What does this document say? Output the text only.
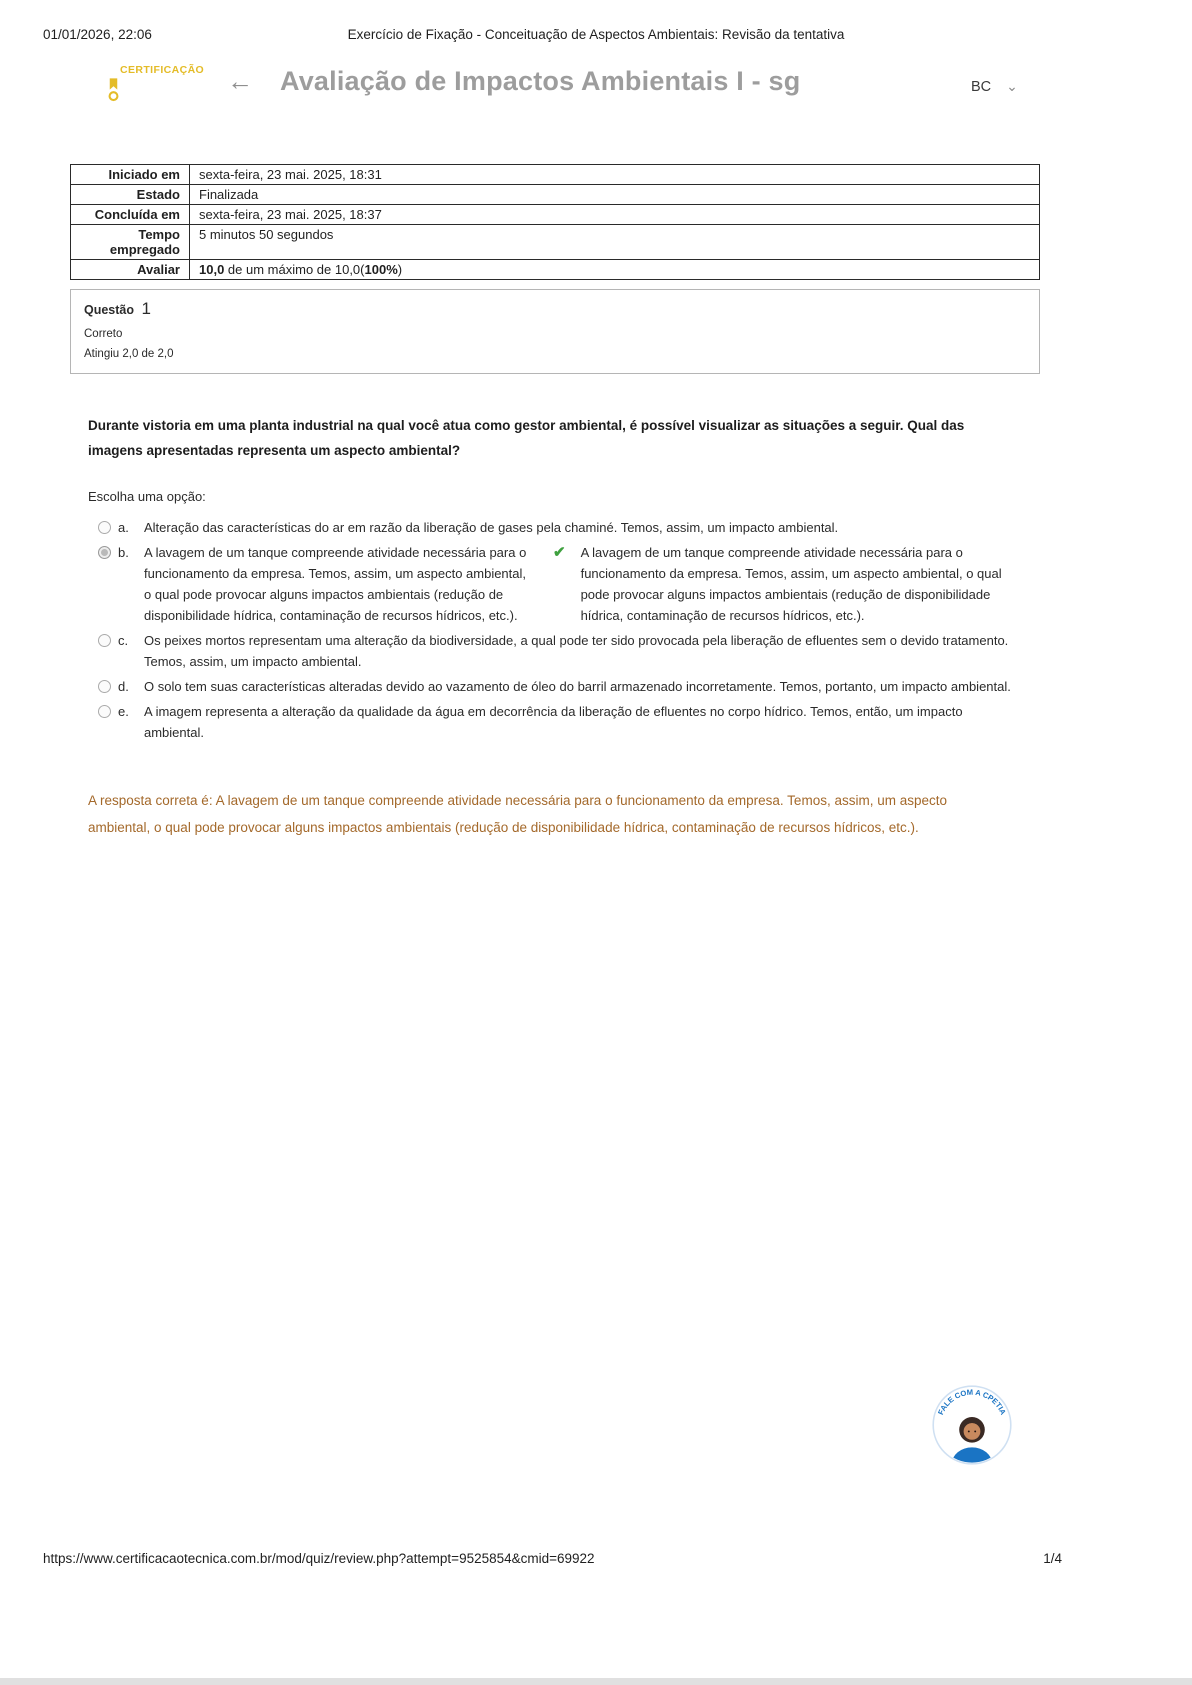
01/01/2026, 22:06	Exercício de Fixação - Conceituação de Aspectos Ambientais: Revisão da tentativa
CERTIFICAÇÃO ← Avaliação de Impactos Ambientais I - sg	BC ⌄
Iniciado em	sexta-feira, 23 mai. 2025, 18:31
Estado	Finalizada
Concluída em	sexta-feira, 23 mai. 2025, 18:37
Tempo empregado	5 minutos 50 segundos
Avaliar	10,0 de um máximo de 10,0(100%)
Questão 1
Correto
Atingiu 2,0 de 2,0
Durante vistoria em uma planta industrial na qual você atua como gestor ambiental, é possível visualizar as situações a seguir. Qual das imagens apresentadas representa um aspecto ambiental?
Escolha uma opção:
a.	Alteração das características do ar em razão da liberação de gases pela chaminé. Temos, assim, um impacto ambiental.
b.	A lavagem de um tanque compreende atividade necessária para o funcionamento da empresa. Temos, assim, um aspecto ambiental, o qual pode provocar alguns impactos ambientais (redução de disponibilidade hídrica, contaminação de recursos hídricos, etc.).
✔ A lavagem de um tanque compreende atividade necessária para o funcionamento da empresa. Temos, assim, um aspecto ambiental, o qual pode provocar alguns impactos ambientais (redução de disponibilidade hídrica, contaminação de recursos hídricos, etc.).
c.	Os peixes mortos representam uma alteração da biodiversidade, a qual pode ter sido provocada pela liberação de efluentes sem o devido tratamento. Temos, assim, um impacto ambiental.
d.	O solo tem suas características alteradas devido ao vazamento de óleo do barril armazenado incorretamente. Temos, portanto, um impacto ambiental.
e.	A imagem representa a alteração da qualidade da água em decorrência da liberação de efluentes no corpo hídrico. Temos, então, um impacto ambiental.
A resposta correta é: A lavagem de um tanque compreende atividade necessária para o funcionamento da empresa. Temos, assim, um aspecto ambiental, o qual pode provocar alguns impactos ambientais (redução de disponibilidade hídrica, contaminação de recursos hídricos, etc.).
FALE COM A CPETIA
https://www.certificacaotecnica.com.br/mod/quiz/review.php?attempt=9525854&cmid=69922	1/4
